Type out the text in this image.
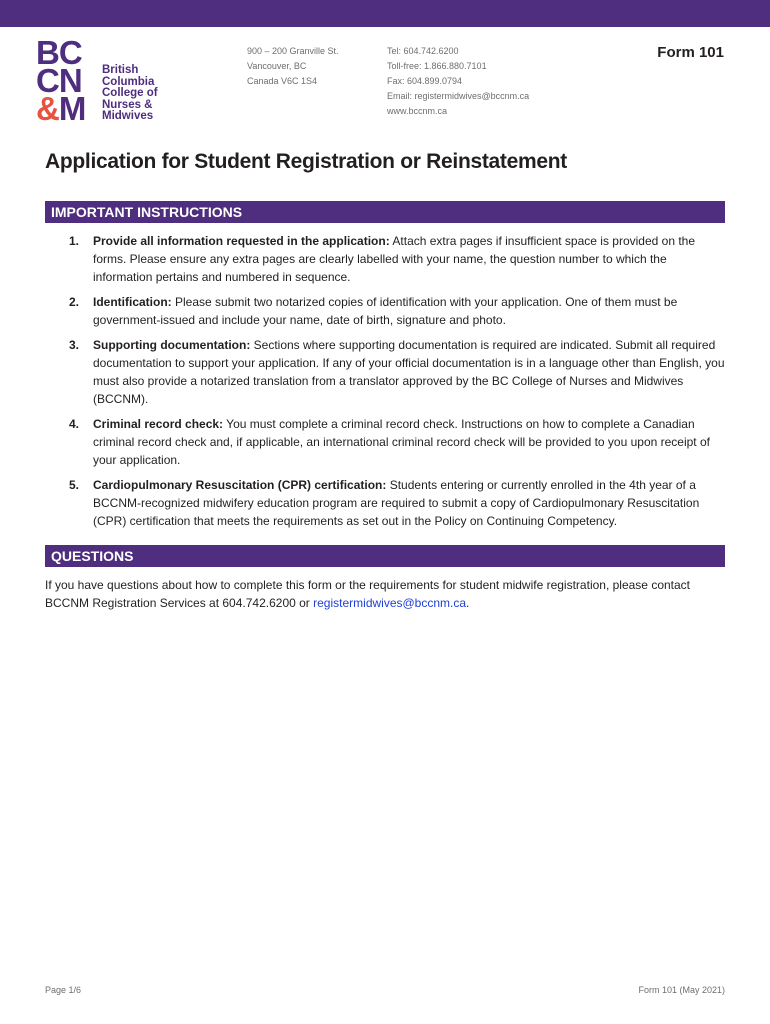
BC
CN
&M
British
Columbia
College of
Nurses &
Midwives
900 – 200 Granville St.
Vancouver, BC
Canada V6C 1S4
Tel: 604.742.6200
Toll-free: 1.866.880.7101
Fax: 604.899.0794
Email: registermidwives@bccnm.ca
www.bccnm.ca
Form 101
Application for Student Registration or Reinstatement
IMPORTANT INSTRUCTIONS
1. Provide all information requested in the application: Attach extra pages if insufficient space is provided on the forms. Please ensure any extra pages are clearly labelled with your name, the question number to which the information pertains and numbered in sequence.
2. Identification: Please submit two notarized copies of identification with your application. One of them must be government-issued and include your name, date of birth, signature and photo.
3. Supporting documentation: Sections where supporting documentation is required are indicated. Submit all required documentation to support your application. If any of your official documentation is in a language other than English, you must also provide a notarized translation from a translator approved by the BC College of Nurses and Midwives (BCCNM).
4. Criminal record check: You must complete a criminal record check. Instructions on how to complete a Canadian criminal record check and, if applicable, an international criminal record check will be provided to you upon receipt of your application.
5. Cardiopulmonary Resuscitation (CPR) certification: Students entering or currently enrolled in the 4th year of a BCCNM-recognized midwifery education program are required to submit a copy of Cardiopulmonary Resuscitation (CPR) certification that meets the requirements as set out in the Policy on Continuing Competency.
QUESTIONS
If you have questions about how to complete this form or the requirements for student midwife registration, please contact BCCNM Registration Services at 604.742.6200 or registermidwives@bccnm.ca.
Page 1/6	Form 101 (May 2021)
